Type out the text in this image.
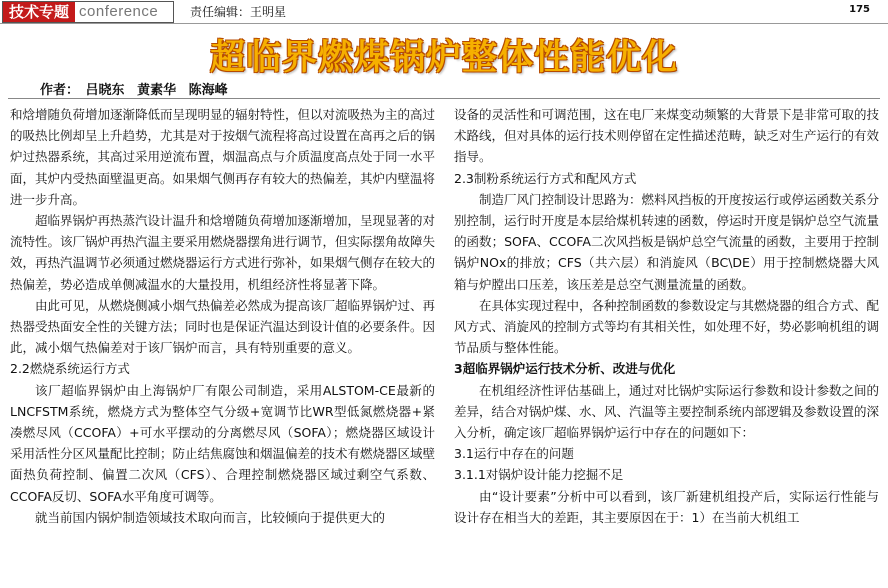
技术专题 conference	责任编辑：王明星	175
超临界燃煤锅炉整体性能优化
作者： 吕晓东 黄素华 陈海峰

和焓增随负荷增加逐渐降低而呈现明显的辐射特性，但以对流吸热为主的高过的吸热比例却呈上升趋势，尤其是对于按烟气流程将高过设置在高再之后的锅炉过热器系统，其高过采用逆流布置，烟温高点与介质温度高点处于同一水平面，其炉内受热面壁温更高。如果烟气侧再存有较大的热偏差，其炉内壁温将进一步升高。

超临界锅炉再热蒸汽设计温升和焓增随负荷增加逐渐增加，呈现显著的对流特性。该厂锅炉再热汽温主要采用燃烧器摆角进行调节，但实际摆角故障失效，再热汽温调节必须通过燃烧器运行方式进行弥补，如果烟气侧存在较大的热偏差，势必造成单侧减温水的大量投用，机组经济性将显著下降。

由此可见，从燃烧侧减小烟气热偏差必然成为提高该厂超临界锅炉过、再热器受热面安全性的关键方法；同时也是保证汽温达到设计值的必要条件。因此，减小烟气热偏差对于该厂锅炉而言，具有特别重要的意义。

2.2燃烧系统运行方式

该厂超临界锅炉由上海锅炉厂有限公司制造，采用ALSTOM-CE最新的LNCFSTM系统，燃烧方式为整体空气分级+宽调节比WR型低氮燃烧器+紧凑燃尽风（CCOFA）+可水平摆动的分离燃尽风（SOFA）；燃烧器区域设计采用活性分区风量配比控制；防止结焦腐蚀和烟温偏差的技术有燃烧器区域壁面热负荷控制、偏置二次风（CFS）、合理控制燃烧器区域过剩空气系数、CCOFA反切、SOFA水平角度可调等。

就当前国内锅炉制造领域技术取向而言，比较倾向于提供更大的

设备的灵活性和可调范围，这在电厂来煤变动频繁的大背景下是非常可取的技术路线，但对具体的运行技术则停留在定性描述范畴，缺乏对生产运行的有效指导。

2.3制粉系统运行方式和配风方式

制造厂风门控制设计思路为：燃料风挡板的开度按运行或停运函数关系分别控制，运行时开度是本层给煤机转速的函数，停运时开度是锅炉总空气流量的函数；SOFA、CCOFA二次风挡板是锅炉总空气流量的函数，主要用于控制锅炉NOx的排放；CFS（共六层）和消旋风（BC\DE）用于控制燃烧器大风箱与炉膛出口压差，该压差是总空气测量流量的函数。

在具体实现过程中，各种控制函数的参数设定与其燃烧器的组合方式、配风方式、消旋风的控制方式等均有其相关性，如处理不好，势必影响机组的调节品质与整体性能。

3超临界锅炉运行技术分析、改进与优化

在机组经济性评估基础上，通过对比锅炉实际运行参数和设计参数之间的差异，结合对锅炉煤、水、风、汽温等主要控制系统内部逻辑及参数设置的深入分析，确定该厂超临界锅炉运行中存在的问题如下：

3.1运行中存在的问题

3.1.1对锅炉设计能力挖掘不足

由“设计要素”分析中可以看到，该厂新建机组投产后，实际运行性能与设计存在相当大的差距，其主要原因在于：1）在当前大机组工
